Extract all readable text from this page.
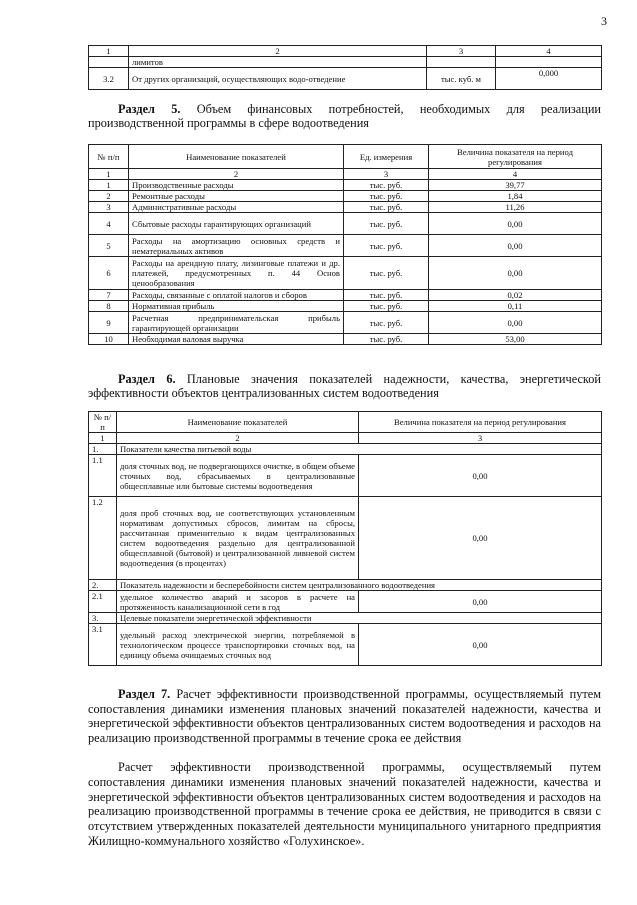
3
1	2	3	4
	лимитов		
3.2	От других организаций, осуществляющих водо-отведение	тыс. куб. м	0,000
Раздел 5. Объем финансовых потребностей, необходимых для реализации производственной программы в сфере водоотведения
№ п/п	Наименование показателей	Ед. измерения	Величина показателя на период регулирования
1	2	3	4
1	Производственные расходы	тыс. руб.	39,77
2	Ремонтные расходы	тыс. руб.	1,84
3	Административные расходы	тыс. руб.	11,26
4	Сбытовые расходы гарантирующих организаций	тыс. руб.	0,00
5	Расходы на амортизацию основных средств и нематериальных активов	тыс. руб.	0,00
6	Расходы на арендную плату, лизинговые платежи и др. платежей, предусмотренных п. 44 Основ ценообразования	тыс. руб.	0,00
7	Расходы, связанные с оплатой налогов и сборов	тыс. руб.	0,02
8	Нормативная прибыль	тыс. руб.	0,11
9	Расчетная предпринимательская прибыль гарантирующей организации	тыс. руб.	0,00
10	Необходимая валовая выручка	тыс. руб.	53,00
Раздел 6. Плановые значения показателей надежности, качества, энергетической эффективности объектов централизованных систем водоотведения
№ п/п	Наименование показателей	Величина показателя на период регулирования
1	2	3
1.	Показатели качества питьевой воды	
1.1	доля сточных вод, не подвергающихся очистке, в общем объеме сточных вод, сбрасываемых в централизованные общесплавные или бытовые системы водоотведения	0,00
1.2	доля проб сточных вод, не соответствующих установленным нормативам допустимых сбросов, лимитам на сбросы, рассчитанная применительно к видам централизованных систем водоотведения раздельно для централизованной общесплавной (бытовой) и централизованной ливневой систем водоотведения (в процентах)	0,00
2.	Показатель надежности и бесперебойности систем централизованного водоотведения	
2.1	удельное количество аварий и засоров в расчете на протяженность канализационной сети в год	0,00
3.	Целевые показатели энергетической эффективности	
3.1	удельный расход электрической энергии, потребляемой в технологическом процессе транспортировки сточных вод, на единицу объема очищаемых сточных вод	0,00
Раздел 7. Расчет эффективности производственной программы, осуществляемый путем сопоставления динамики изменения плановых значений показателей надежности, качества и энергетической эффективности объектов централизованных систем водоотведения и расходов на реализацию производственной программы в течение срока ее действия
Расчет эффективности производственной программы, осуществляемый путем сопоставления динамики изменения плановых значений показателей надежности, качества и энергетической эффективности объектов централизованных систем водоотведения и расходов на реализацию производственной программы в течение срока ее действия, не приводится в связи с отсутствием утвержденных показателей деятельности муниципального унитарного предприятия Жилищно-коммунального хозяйство «Голухинское».
